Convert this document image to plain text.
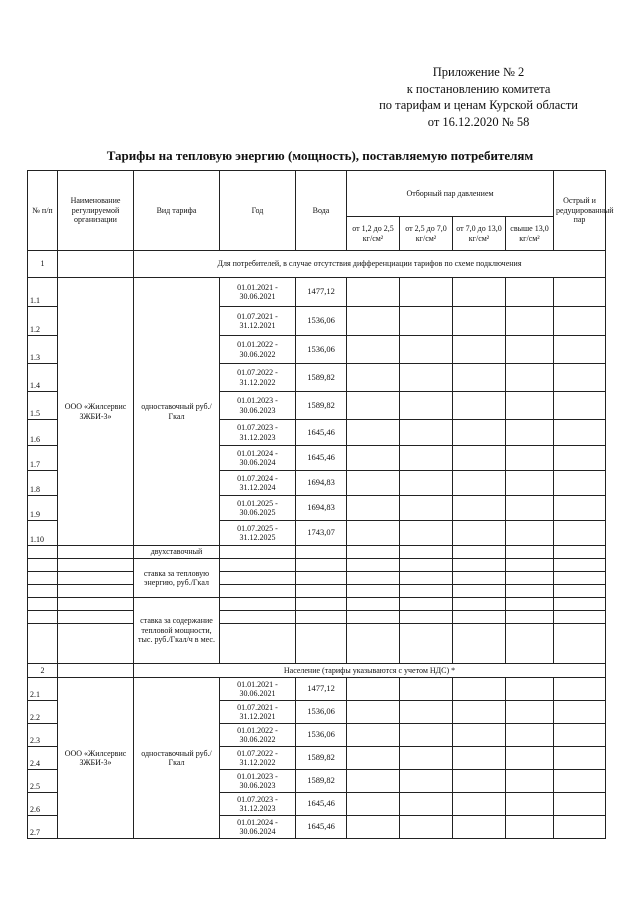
Приложение № 2
к постановлению комитета
по тарифам и ценам Курской области
от 16.12.2020 № 58
Тарифы на тепловую энергию (мощность), поставляемую потребителям
№ п/п	Наименование регулируемой организации	Вид тарифа	Год	Вода	Отборный пар давлением				Острый и редуцированный пар
					от 1,2 до 2,5 кг/см²	от 2,5 до 7,0 кг/см²	от 7,0 до 13,0 кг/см²	свыше 13,0 кг/см²	
1		Для потребителей, в случае отсутствия дифференциации тарифов по схеме подключения							
1.1	ООО «Жилсервис ЗЖБИ-3»	одноставочный руб./Гкал	01.01.2021 - 30.06.2021	1477,12					
1.2			01.07.2021 - 31.12.2021	1536,06					
1.3			01.01.2022 - 30.06.2022	1536,06					
1.4			01.07.2022 - 31.12.2022	1589,82					
1.5			01.01.2023 - 30.06.2023	1589,82					
1.6			01.07.2023 - 31.12.2023	1645,46					
1.7			01.01.2024 - 30.06.2024	1645,46					
1.8			01.07.2024 - 31.12.2024	1694,83					
1.9			01.01.2025 - 30.06.2025	1694,83					
1.10			01.07.2025 - 31.12.2025	1743,07					
		двухставочный							
		ставка за тепловую энергию, руб./Гкал							

		ставка за содержание тепловой мощности, тыс. руб./Гкал/ч в мес.							

2		Население (тарифы указываются с учетом НДС) *							
2.1	ООО «Жилсервис ЗЖБИ-3»	одноставочный руб./Гкал	01.01.2021 - 30.06.2021	1477,12					
2.2			01.07.2021 - 31.12.2021	1536,06					
2.3			01.01.2022 - 30.06.2022	1536,06					
2.4			01.07.2022 - 31.12.2022	1589,82					
2.5			01.01.2023 - 30.06.2023	1589,82					
2.6			01.07.2023 - 31.12.2023	1645,46					
2.7			01.01.2024 - 30.06.2024	1645,46					
